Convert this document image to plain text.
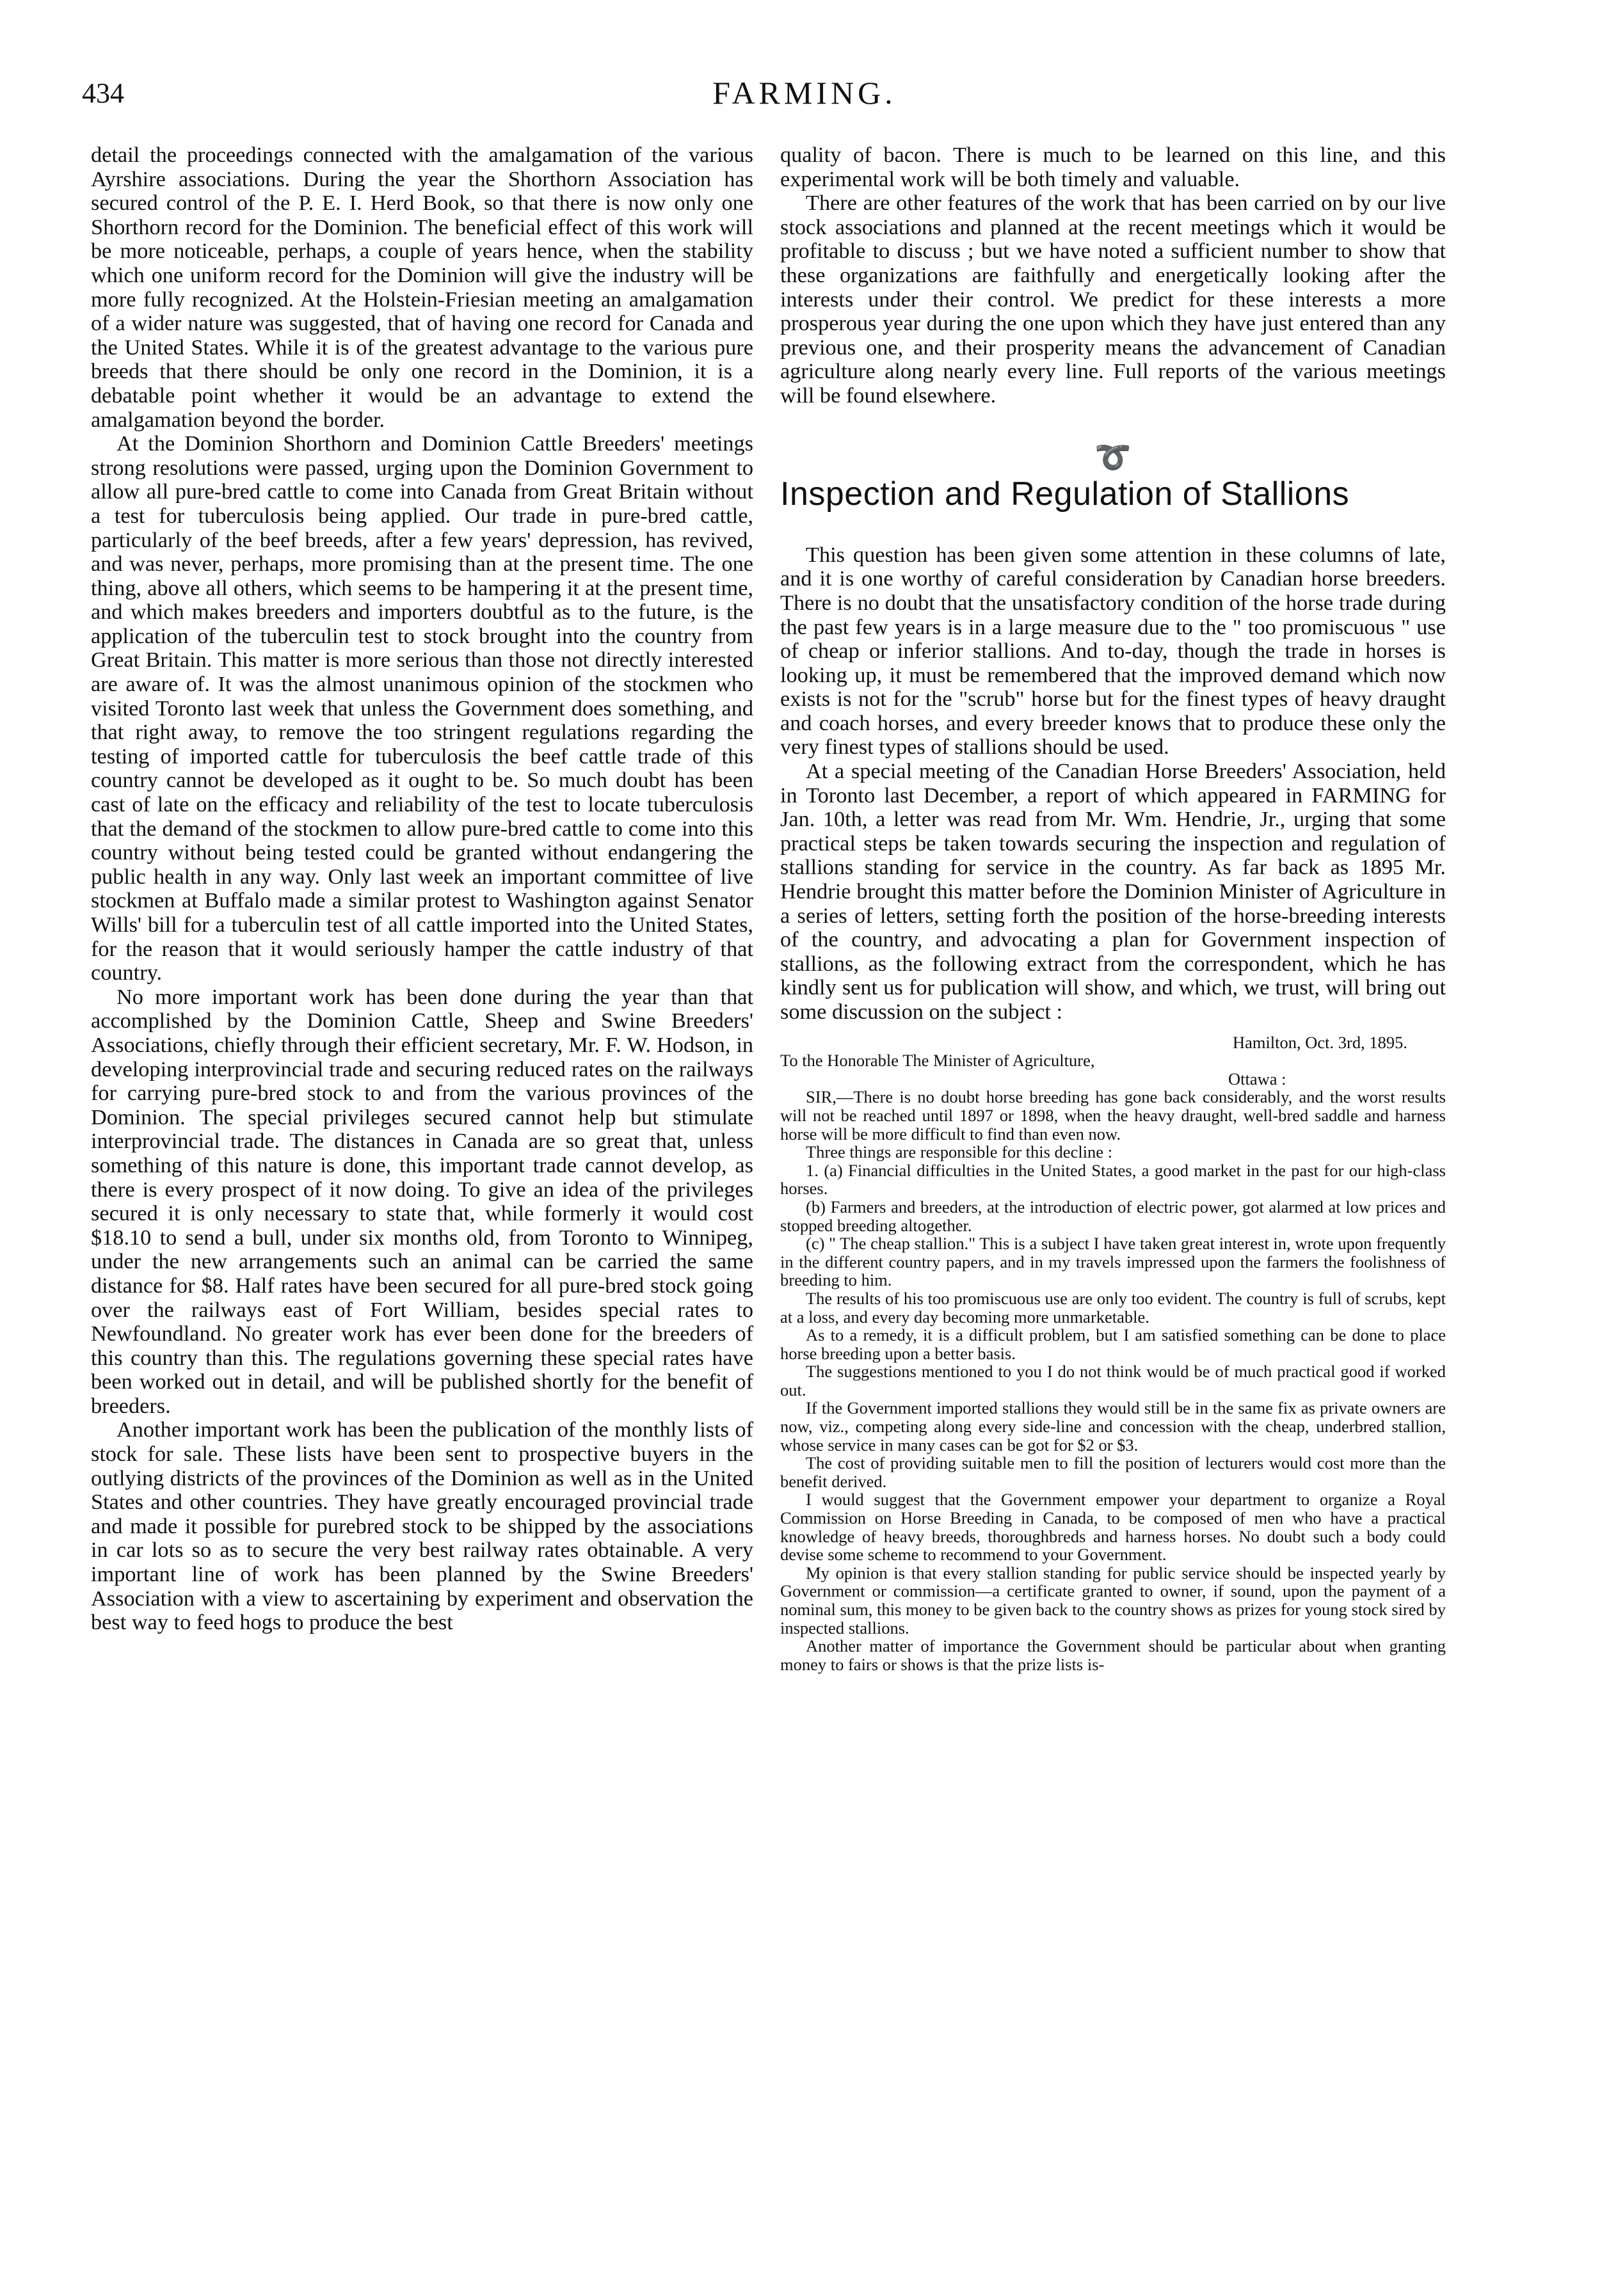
434	FARMING.

detail the proceedings connected with the amalgamation of the various Ayrshire associations. During the year the Shorthorn Association has secured control of the P. E. I. Herd Book, so that there is now only one Shorthorn record for the Dominion. The beneficial effect of this work will be more noticeable, perhaps, a couple of years hence, when the stability which one uniform record for the Dominion will give the industry will be more fully recognized. At the Holstein-Friesian meeting an amalgamation of a wider nature was suggested, that of having one record for Canada and the United States. While it is of the greatest advantage to the various pure breeds that there should be only one record in the Dominion, it is a debatable point whether it would be an advantage to extend the amalgamation beyond the border.

At the Dominion Shorthorn and Dominion Cattle Breeders' meetings strong resolutions were passed, urging upon the Dominion Government to allow all pure-bred cattle to come into Canada from Great Britain without a test for tuberculosis being applied. Our trade in pure-bred cattle, particularly of the beef breeds, after a few years' depression, has revived, and was never, perhaps, more promising than at the present time. The one thing, above all others, which seems to be hampering it at the present time, and which makes breeders and importers doubtful as to the future, is the application of the tuberculin test to stock brought into the country from Great Britain. This matter is more serious than those not directly interested are aware of. It was the almost unanimous opinion of the stockmen who visited Toronto last week that unless the Government does something, and that right away, to remove the too stringent regulations regarding the testing of imported cattle for tuberculosis the beef cattle trade of this country cannot be developed as it ought to be. So much doubt has been cast of late on the efficacy and reliability of the test to locate tuberculosis that the demand of the stockmen to allow pure-bred cattle to come into this country without being tested could be granted without endangering the public health in any way. Only last week an important committee of live stockmen at Buffalo made a similar protest to Washington against Senator Wills' bill for a tuberculin test of all cattle imported into the United States, for the reason that it would seriously hamper the cattle industry of that country.

No more important work has been done during the year than that accomplished by the Dominion Cattle, Sheep and Swine Breeders' Associations, chiefly through their efficient secretary, Mr. F. W. Hodson, in developing interprovincial trade and securing reduced rates on the railways for carrying pure-bred stock to and from the various provinces of the Dominion. The special privileges secured cannot help but stimulate interprovincial trade. The distances in Canada are so great that, unless something of this nature is done, this important trade cannot develop, as there is every prospect of it now doing. To give an idea of the privileges secured it is only necessary to state that, while formerly it would cost $18.10 to send a bull, under six months old, from Toronto to Winnipeg, under the new arrangements such an animal can be carried the same distance for $8. Half rates have been secured for all pure-bred stock going over the railways east of Fort William, besides special rates to Newfoundland. No greater work has ever been done for the breeders of this country than this. The regulations governing these special rates have been worked out in detail, and will be published shortly for the benefit of breeders.

Another important work has been the publication of the monthly lists of stock for sale. These lists have been sent to prospective buyers in the outlying districts of the provinces of the Dominion as well as in the United States and other countries. They have greatly encouraged provincial trade and made it possible for purebred stock to be shipped by the associations in car lots so as to secure the very best railway rates obtainable. A very important line of work has been planned by the Swine Breeders' Association with a view to ascertaining by experiment and observation the best way to feed hogs to produce the best

quality of bacon. There is much to be learned on this line, and this experimental work will be both timely and valuable.

There are other features of the work that has been carried on by our live stock associations and planned at the recent meetings which it would be profitable to discuss ; but we have noted a sufficient number to show that these organizations are faithfully and energetically looking after the interests under their control. We predict for these interests a more prosperous year during the one upon which they have just entered than any previous one, and their prosperity means the advancement of Canadian agriculture along nearly every line. Full reports of the various meetings will be found elsewhere.

➰
Inspection and Regulation of Stallions

This question has been given some attention in these columns of late, and it is one worthy of careful consideration by Canadian horse breeders. There is no doubt that the unsatisfactory condition of the horse trade during the past few years is in a large measure due to the " too promiscuous " use of cheap or inferior stallions. And to-day, though the trade in horses is looking up, it must be remembered that the improved demand which now exists is not for the "scrub" horse but for the finest types of heavy draught and coach horses, and every breeder knows that to produce these only the very finest types of stallions should be used.

At a special meeting of the Canadian Horse Breeders' Association, held in Toronto last December, a report of which appeared in FARMING for Jan. 10th, a letter was read from Mr. Wm. Hendrie, Jr., urging that some practical steps be taken towards securing the inspection and regulation of stallions standing for service in the country. As far back as 1895 Mr. Hendrie brought this matter before the Dominion Minister of Agriculture in a series of letters, setting forth the position of the horse-breeding interests of the country, and advocating a plan for Government inspection of stallions, as the following extract from the correspondent, which he has kindly sent us for publication will show, and which, we trust, will bring out some discussion on the subject :

Hamilton, Oct. 3rd, 1895.

To the Honorable The Minister of Agriculture,

Ottawa :

SIR,—There is no doubt horse breeding has gone back considerably, and the worst results will not be reached until 1897 or 1898, when the heavy draught, well-bred saddle and harness horse will be more difficult to find than even now.

Three things are responsible for this decline :

1. (a) Financial difficulties in the United States, a good market in the past for our high-class horses.

(b) Farmers and breeders, at the introduction of electric power, got alarmed at low prices and stopped breeding altogether.

(c) " The cheap stallion." This is a subject I have taken great interest in, wrote upon frequently in the different country papers, and in my travels impressed upon the farmers the foolishness of breeding to him.

The results of his too promiscuous use are only too evident. The country is full of scrubs, kept at a loss, and every day becoming more unmarketable.

As to a remedy, it is a difficult problem, but I am satisfied something can be done to place horse breeding upon a better basis.

The suggestions mentioned to you I do not think would be of much practical good if worked out.

If the Government imported stallions they would still be in the same fix as private owners are now, viz., competing along every side-line and concession with the cheap, underbred stallion, whose service in many cases can be got for $2 or $3.

The cost of providing suitable men to fill the position of lecturers would cost more than the benefit derived.

I would suggest that the Government empower your department to organize a Royal Commission on Horse Breeding in Canada, to be composed of men who have a practical knowledge of heavy breeds, thoroughbreds and harness horses. No doubt such a body could devise some scheme to recommend to your Government.

My opinion is that every stallion standing for public service should be inspected yearly by Government or commission—a certificate granted to owner, if sound, upon the payment of a nominal sum, this money to be given back to the country shows as prizes for young stock sired by inspected stallions.

Another matter of importance the Government should be particular about when granting money to fairs or shows is that the prize lists is-
